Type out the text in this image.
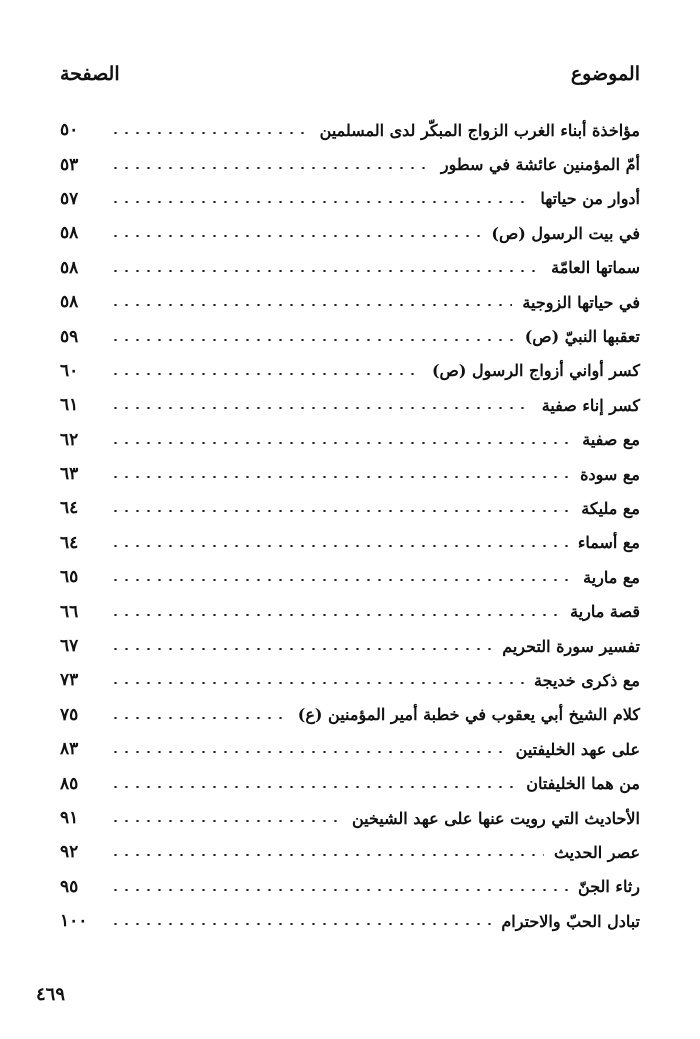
الموضوع
الصفحة
مؤاخذة أبناء الغرب الزواج المبكّر لدى المسلمين
٥٠
أمّ المؤمنين عائشة في سطور
٥٣
أدوار من حياتها
٥٧
في بيت الرسول (ص)
٥٨
سماتها العامّة
٥٨
في حياتها الزوجية
٥٨
تعقبها النبيّ (ص)
٥٩
كسر أواني أزواج الرسول (ص)
٦٠
كسر إناء صفية
٦١
مع صفية
٦٢
مع سودة
٦٣
مع مليكة
٦٤
مع أسماء
٦٤
مع مارية
٦٥
قصة مارية
٦٦
تفسير سورة التحريم
٦٧
مع ذكرى خديجة
٧٣
كلام الشيخ أبي يعقوب في خطبة أمير المؤمنين (ع)
٧٥
على عهد الخليفتين
٨٣
من هما الخليفتان
٨٥
الأحاديث التي رويت عنها على عهد الشيخين
٩١
عصر الحديث
٩٢
رثاء الجنّ
٩٥
تبادل الحبّ والاحترام
١٠٠
٤٦٩
